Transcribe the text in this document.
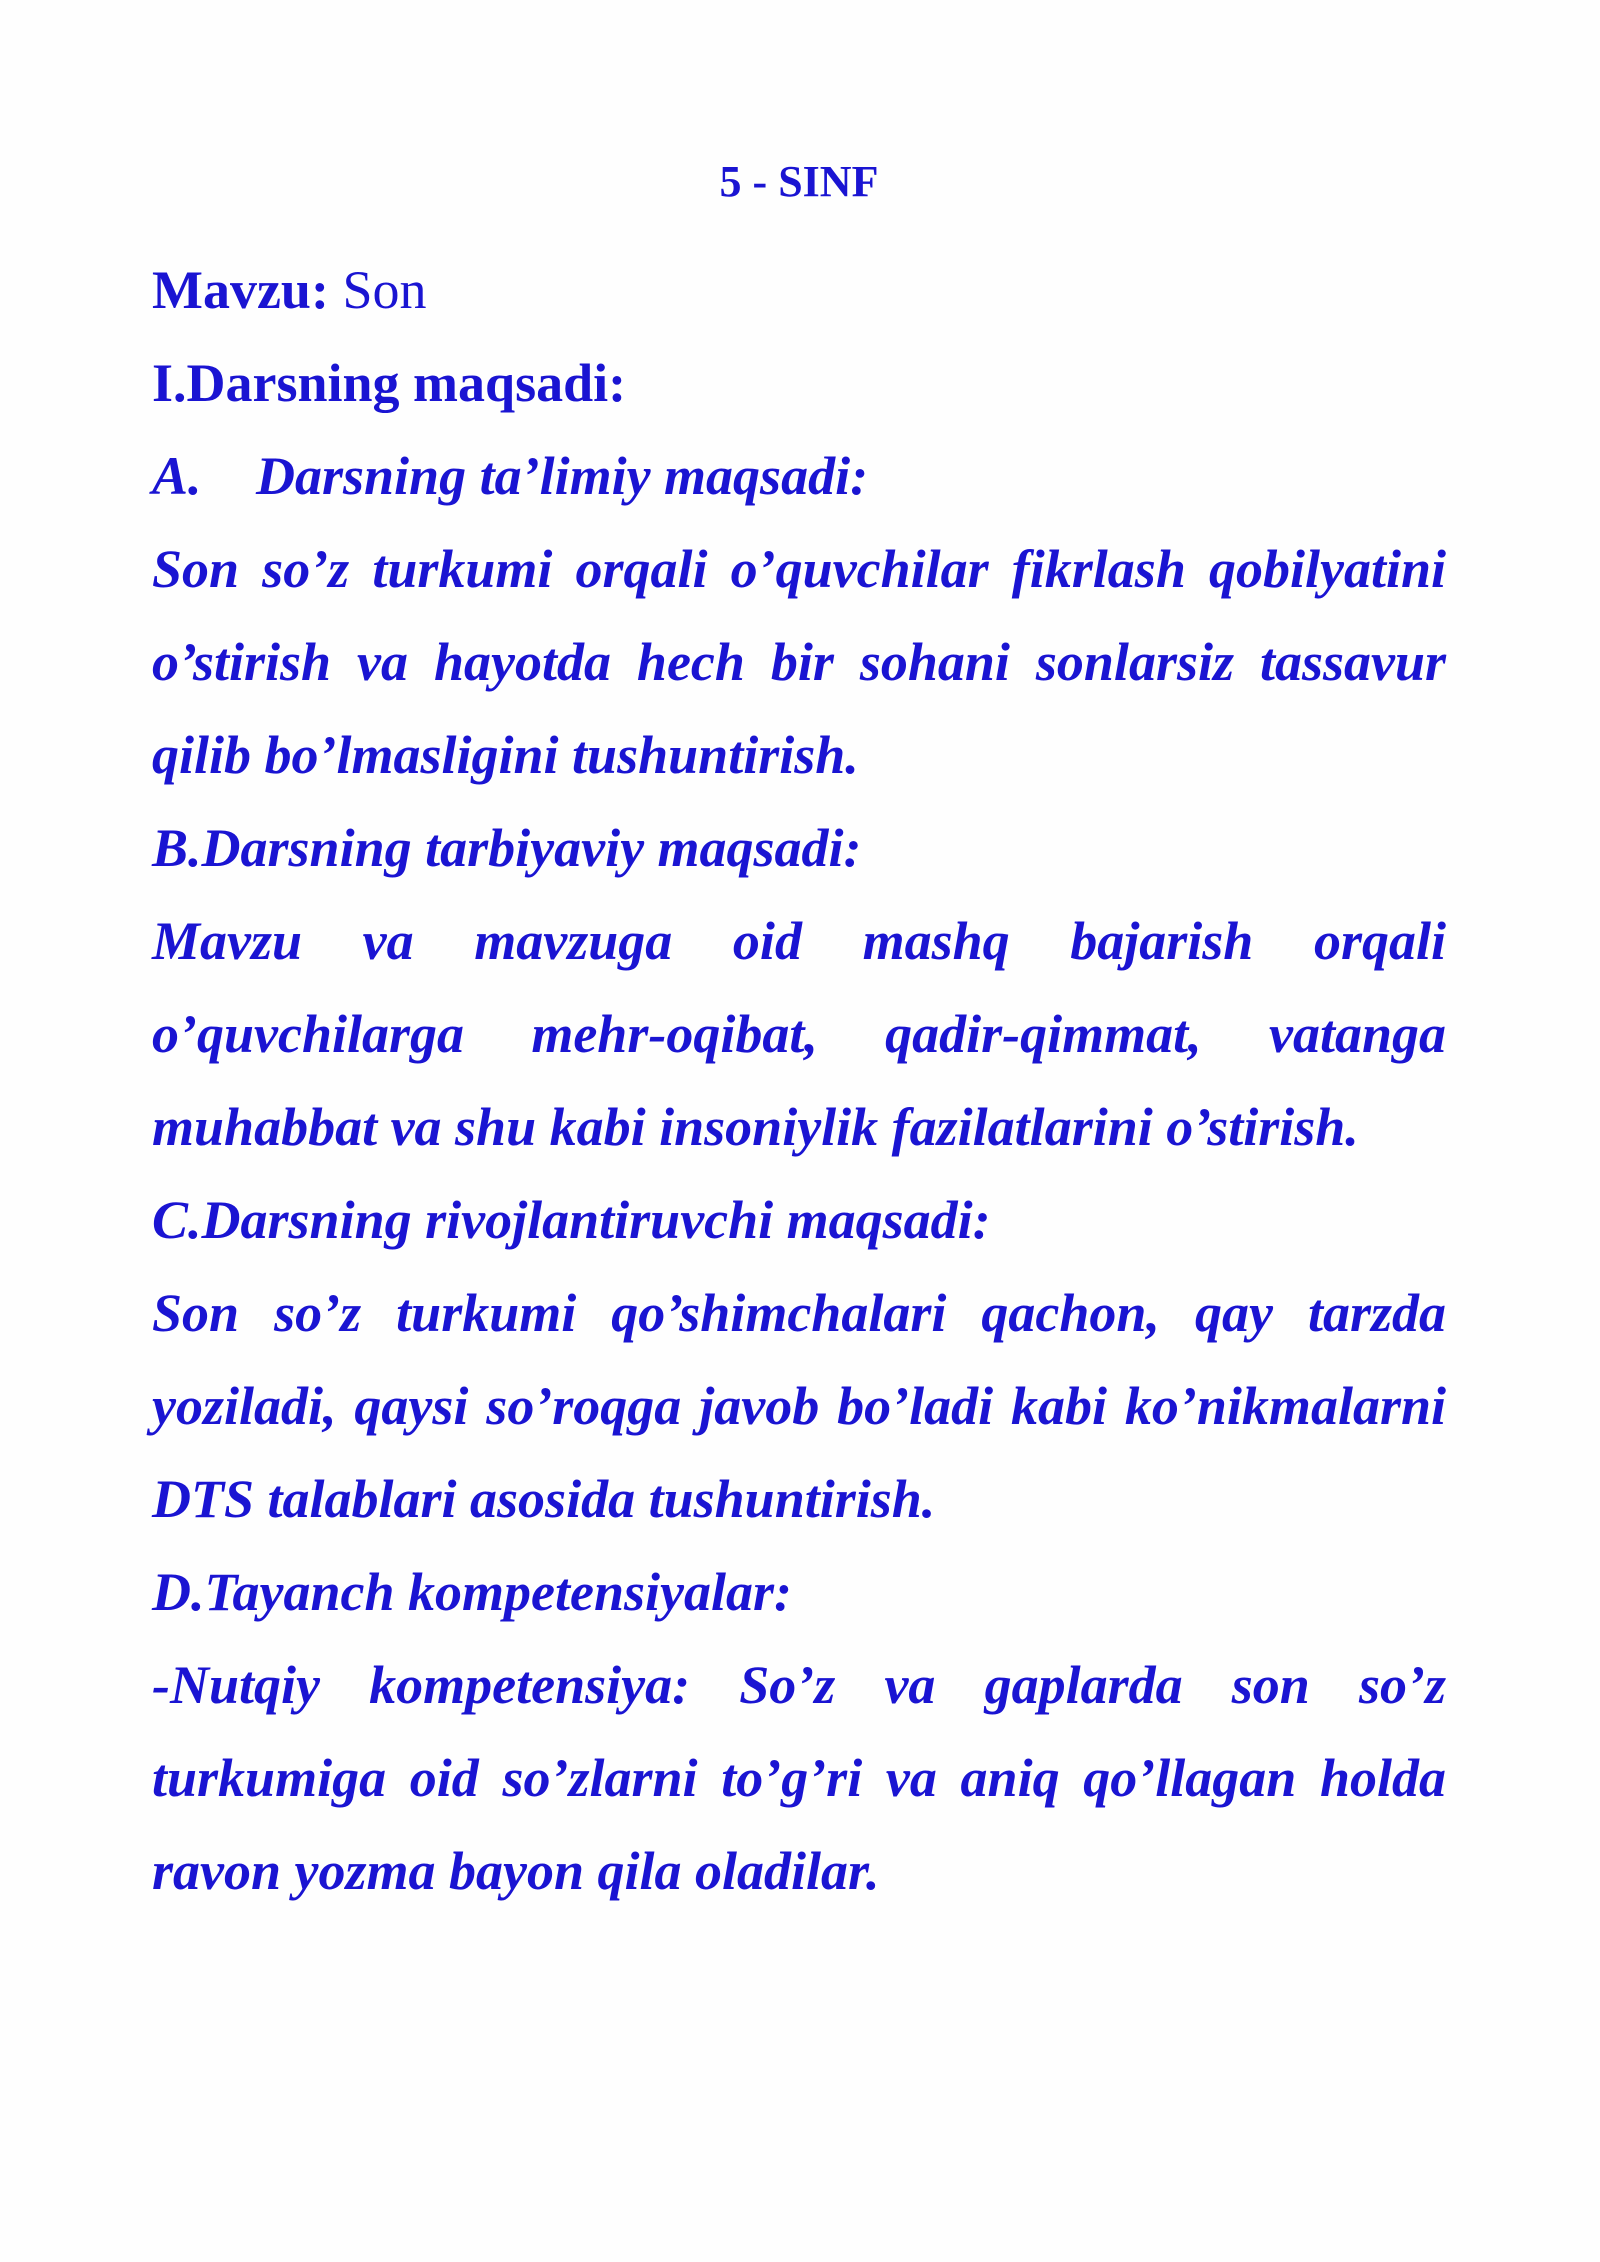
5 - SINF

Mavzu: Son

I.Darsning maqsadi:

A. Darsning ta’limiy maqsadi:

Son so’z turkumi orqali o’quvchilar fikrlash qobilyatini

o’stirish va hayotda hech bir sohani sonlarsiz tassavur

qilib bo’lmasligini tushuntirish.

B.Darsning tarbiyaviy maqsadi:

Mavzu va mavzuga oid mashq bajarish orqali

o’quvchilarga mehr-oqibat, qadir-qimmat, vatanga

muhabbat va shu kabi insoniylik fazilatlarini o’stirish.

C.Darsning rivojlantiruvchi maqsadi:

Son so’z turkumi qo’shimchalari qachon, qay tarzda

yoziladi, qaysi so’roqga javob bo’ladi kabi ko’nikmalarni

DTS talablari asosida tushuntirish.

D.Tayanch kompetensiyalar:

-Nutqiy kompetensiya: So’z va gaplarda son so’z

turkumiga oid so’zlarni to’g’ri va aniq qo’llagan holda

ravon yozma bayon qila oladilar.
